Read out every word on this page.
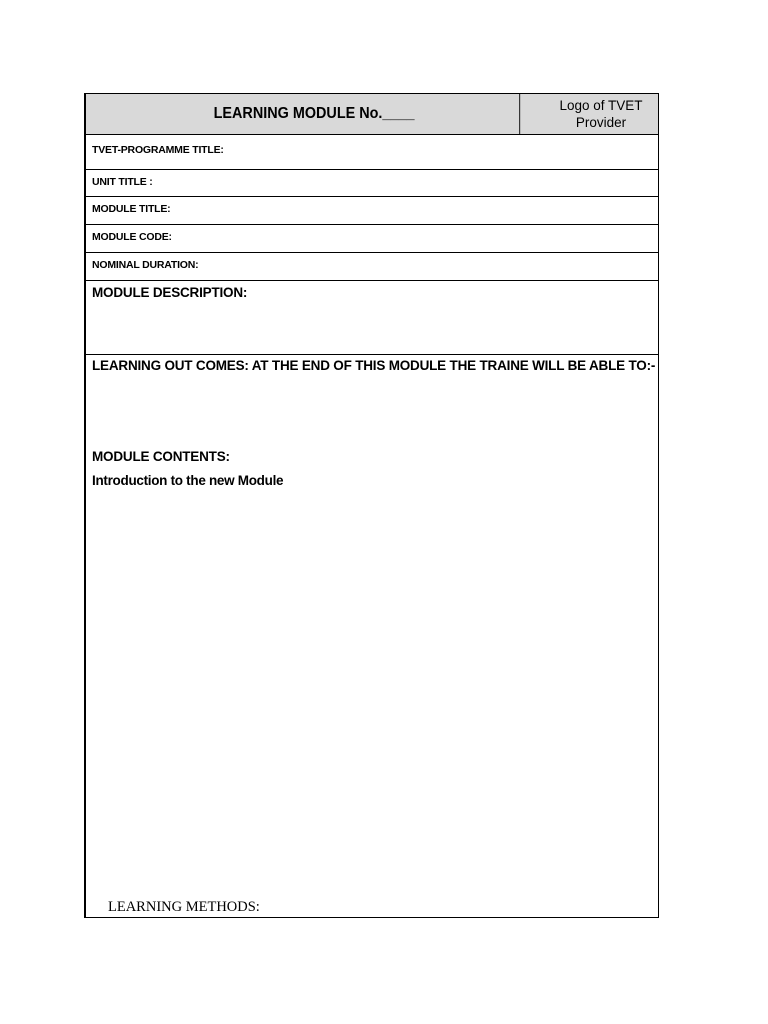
LEARNING MODULE No.____	Logo of TVET Provider
TVET-PROGRAMME TITLE:
UNIT TITLE :
MODULE TITLE:
MODULE CODE:
NOMINAL DURATION:
MODULE DESCRIPTION:
LEARNING OUT COMES: AT THE END OF THIS MODULE THE TRAINE WILL BE ABLE TO:-
MODULE CONTENTS:
Introduction to the new Module
LEARNING METHODS:
